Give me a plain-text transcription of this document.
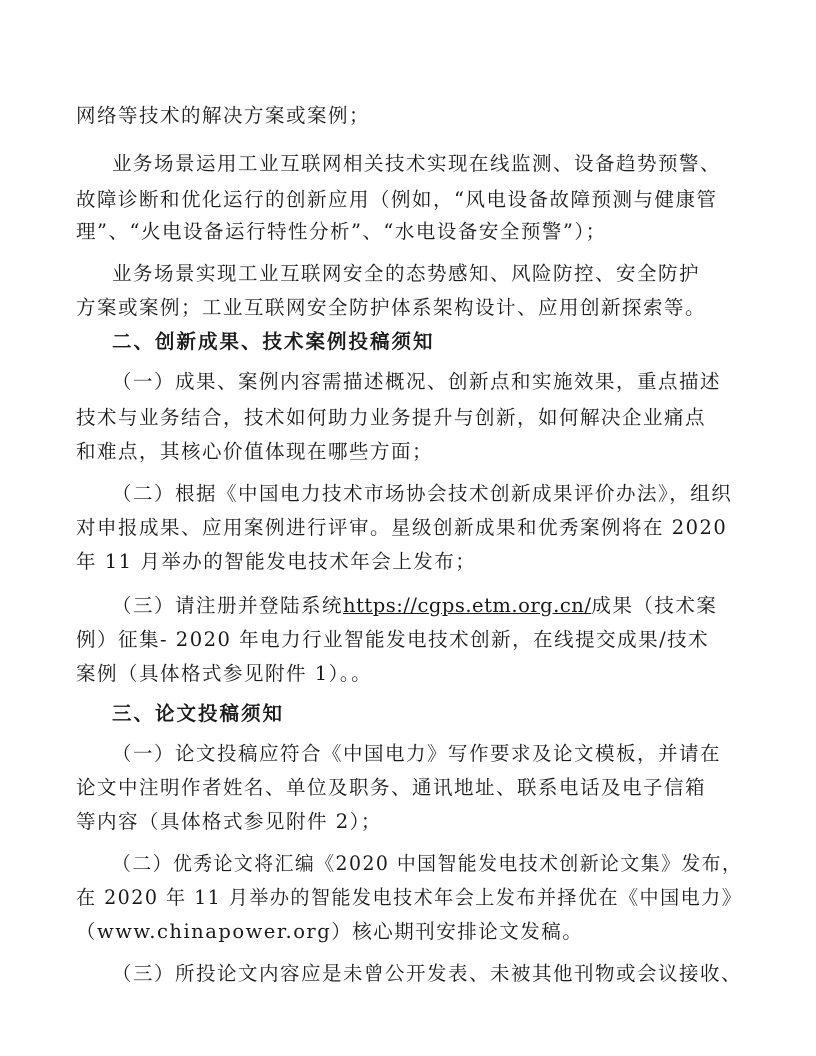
网络等技术的解决方案或案例；
业务场景运用工业互联网相关技术实现在线监测、设备趋势预警、
故障诊断和优化运行的创新应用（例如，“风电设备故障预测与健康管
理”、“火电设备运行特性分析”、“水电设备安全预警”）；
业务场景实现工业互联网安全的态势感知、风险防控、安全防护
方案或案例；工业互联网安全防护体系架构设计、应用创新探索等。
二、创新成果、技术案例投稿须知
（一）成果、案例内容需描述概况、创新点和实施效果，重点描述
技术与业务结合，技术如何助力业务提升与创新，如何解决企业痛点
和难点，其核心价值体现在哪些方面；
（二）根据《中国电力技术市场协会技术创新成果评价办法》，组织
对申报成果、应用案例进行评审。星级创新成果和优秀案例将在 2020
年 11 月举办的智能发电技术年会上发布；
（三）请注册并登陆系统https://cgps.etm.org.cn/成果（技术案
例）征集- 2020 年电力行业智能发电技术创新，在线提交成果/技术
案例（具体格式参见附件 1）。。
三、论文投稿须知
（一）论文投稿应符合《中国电力》写作要求及论文模板，并请在
论文中注明作者姓名、单位及职务、通讯地址、联系电话及电子信箱
等内容（具体格式参见附件 2）；
（二）优秀论文将汇编《2020 中国智能发电技术创新论文集》发布，
在 2020 年 11 月举办的智能发电技术年会上发布并择优在《中国电力》
（www.chinapower.org）核心期刊安排论文发稿。
（三）所投论文内容应是未曾公开发表、未被其他刊物或会议接收、
